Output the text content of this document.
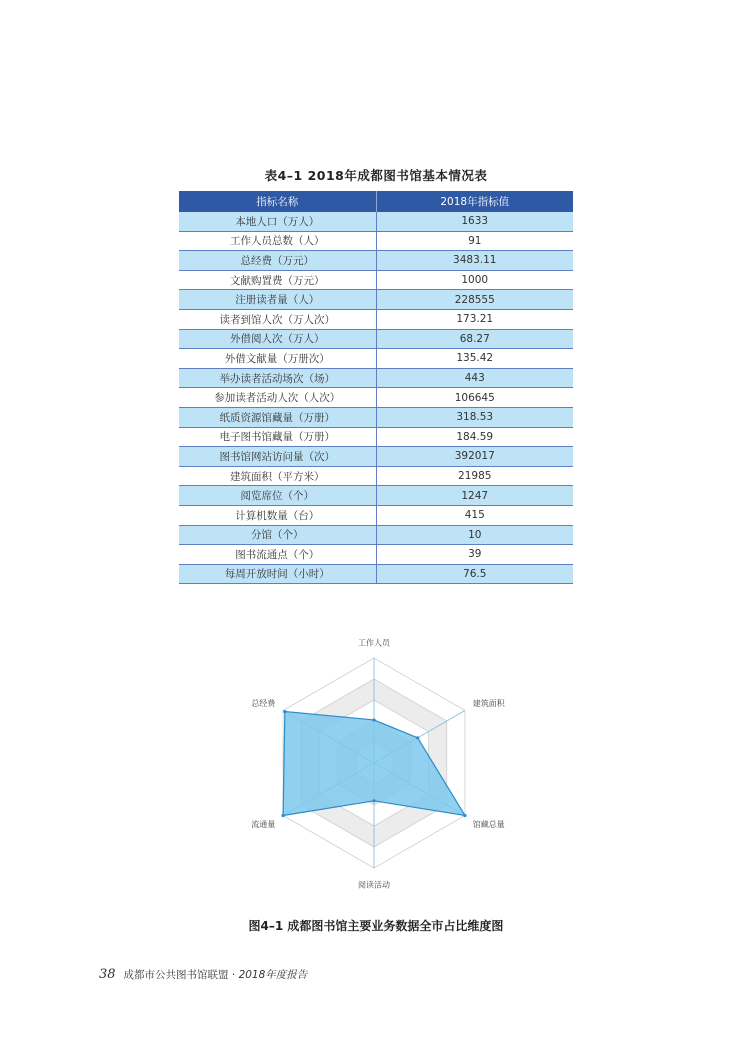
表4–1 2018年成都图书馆基本情况表
指标名称	2018年指标值
本地人口（万人）	1633
工作人员总数（人）	91
总经费（万元）	3483.11
文献购置费（万元）	1000
注册读者量（人）	228555
读者到馆人次（万人次）	173.21
外借阅人次（万人）	68.27
外借文献量（万册次）	135.42
举办读者活动场次（场）	443
参加读者活动人次（人次）	106645
纸质资源馆藏量（万册）	318.53
电子图书馆藏量（万册）	184.59
图书馆网站访问量（次）	392017
建筑面积（平方米）	21985
阅览席位（个）	1247
计算机数量（台）	415
分馆（个）	10
图书流通点（个）	39
每周开放时间（小时）	76.5
工作人员
建筑面积
馆藏总量
阅读活动
流通量
总经费
图4–1 成都图书馆主要业务数据全市占比维度图
38 成都市公共图书馆联盟 · 2018年度报告
